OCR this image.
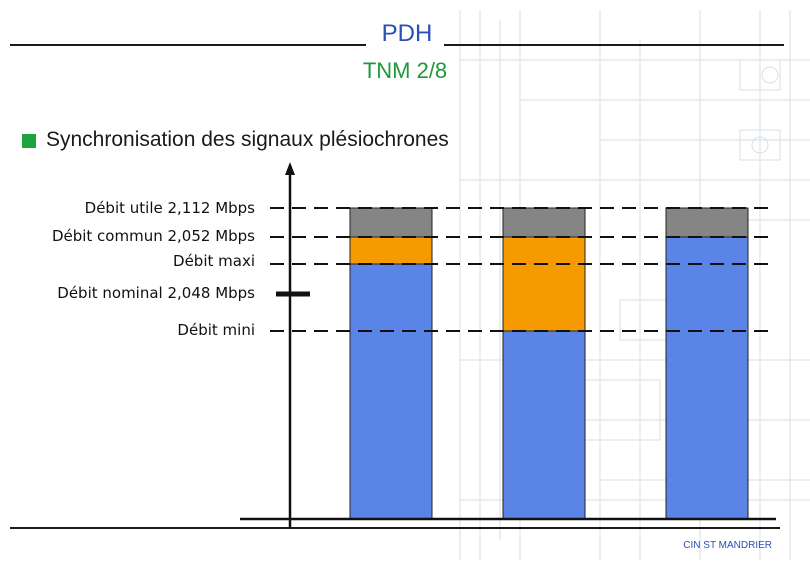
PDH
TNM 2/8
Synchronisation des signaux plésiochrones
Débit utile 2,112 Mbps
Débit commun 2,052 Mbps
Débit maxi
Débit nominal 2,048 Mbps
Débit mini
CIN ST MANDRIER
